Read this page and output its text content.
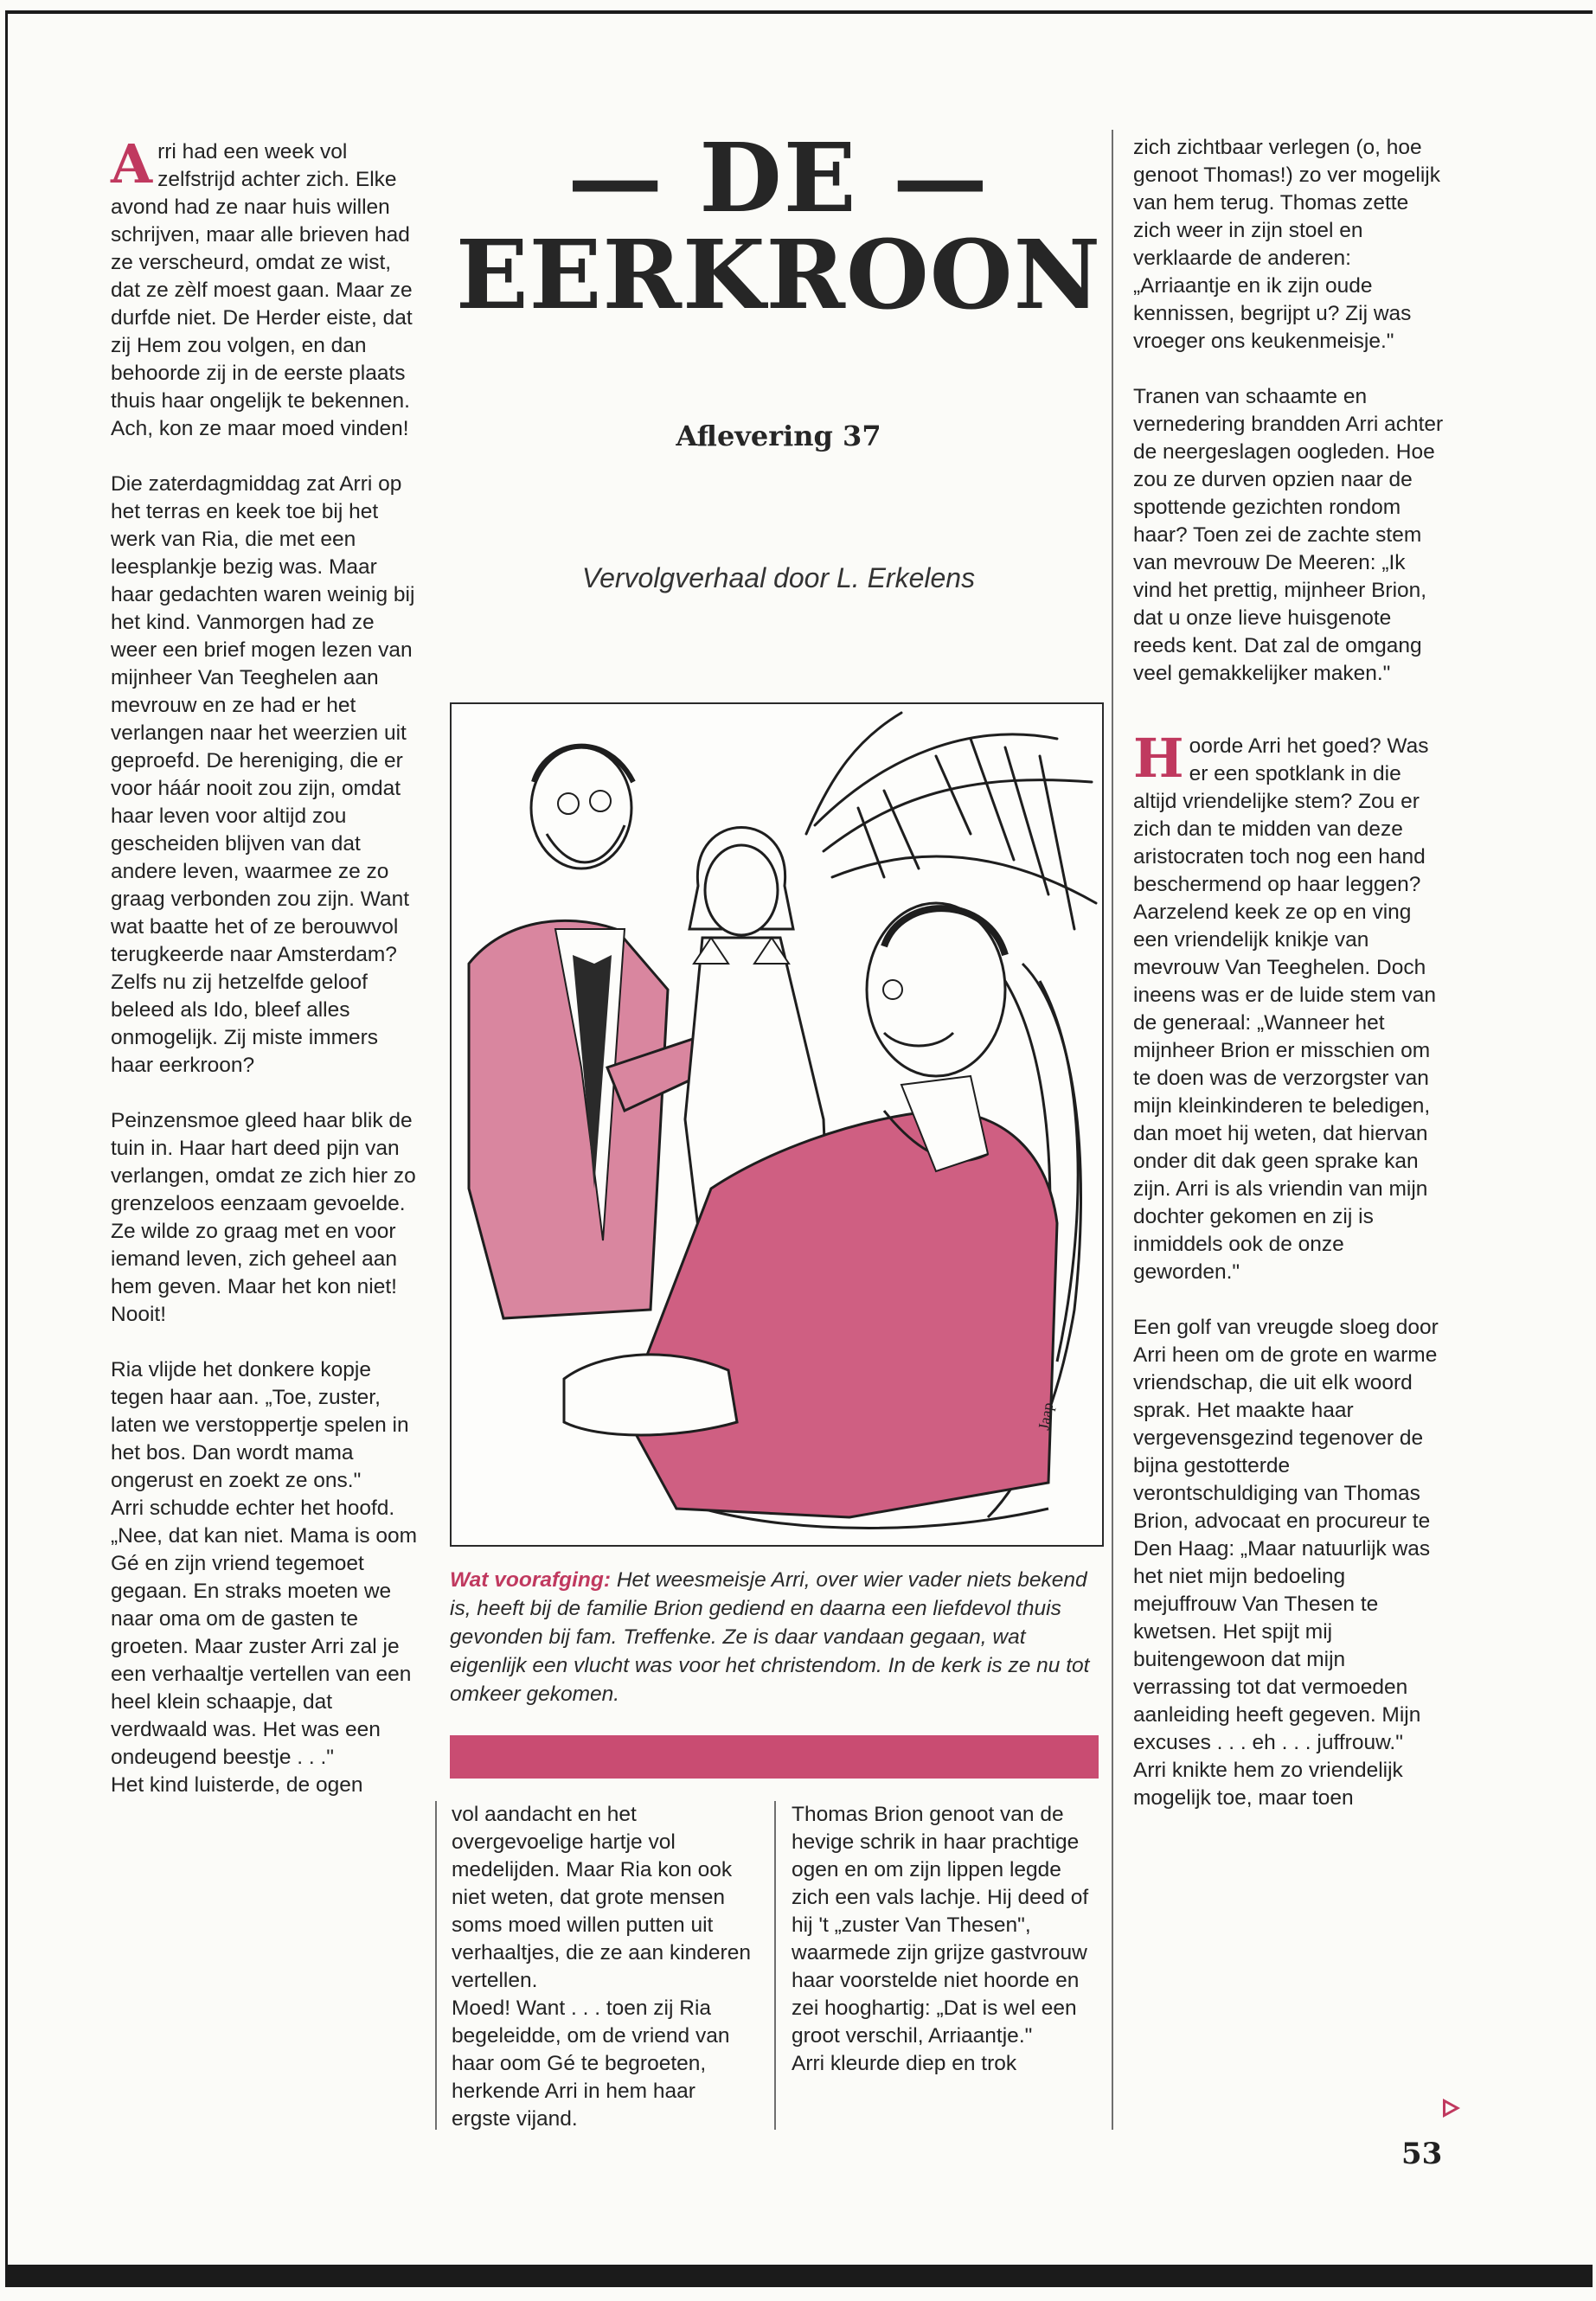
Arri had een week vol zelfstrijd achter zich. Elke avond had ze naar huis willen schrijven, maar alle brieven had ze verscheurd, omdat ze wist, dat ze zèlf moest gaan. Maar ze durfde niet. De Herder eiste, dat zij Hem zou volgen, en dan behoorde zij in de eerste plaats thuis haar ongelijk te bekennen. Ach, kon ze maar moed vinden!

Die zaterdagmiddag zat Arri op het terras en keek toe bij het werk van Ria, die met een leesplankje bezig was. Maar haar gedachten waren weinig bij het kind. Vanmorgen had ze weer een brief mogen lezen van mijnheer Van Teeghelen aan mevrouw en ze had er het verlangen naar het weerzien uit geproefd. De hereniging, die er voor háár nooit zou zijn, omdat haar leven voor altijd zou gescheiden blijven van dat andere leven, waarmee ze zo graag verbonden zou zijn. Want wat baatte het of ze berouwvol terugkeerde naar Amsterdam? Zelfs nu zij hetzelfde geloof beleed als Ido, bleef alles onmogelijk. Zij miste immers haar eerkroon?

Peinzensmoe gleed haar blik de tuin in. Haar hart deed pijn van verlangen, omdat ze zich hier zo grenzeloos eenzaam gevoelde. Ze wilde zo graag met en voor iemand leven, zich geheel aan hem geven. Maar het kon niet! Nooit!

Ria vlijde het donkere kopje tegen haar aan. „Toe, zuster, laten we verstoppertje spelen in het bos. Dan wordt mama ongerust en zoekt ze ons."

Arri schudde echter het hoofd. „Nee, dat kan niet. Mama is oom Gé en zijn vriend tegemoet gegaan. En straks moeten we naar oma om de gasten te groeten. Maar zuster Arri zal je een verhaaltje vertellen van een heel klein schaapje, dat verdwaald was. Het was een ondeugend beestje . . ."

Het kind luisterde, de ogen

— DE —
EERKROON
Aflevering 37
Vervolgverhaal door L. Erkelens
Jaap
Wat voorafging: Het weesmeisje Arri, over wier vader niets bekend is, heeft bij de familie Brion gediend en daarna een liefdevol thuis gevonden bij fam. Treffenke. Ze is daar vandaan gegaan, wat eigenlijk een vlucht was voor het christendom. In de kerk is ze nu tot omkeer gekomen.

vol aandacht en het overgevoelige hartje vol medelijden. Maar Ria kon ook niet weten, dat grote mensen soms moed willen putten uit verhaaltjes, die ze aan kinderen vertellen.

Moed! Want . . . toen zij Ria begeleidde, om de vriend van haar oom Gé te begroeten, herkende Arri in hem haar ergste vijand.

Thomas Brion genoot van de hevige schrik in haar prachtige ogen en om zijn lippen legde zich een vals lachje. Hij deed of hij 't „zuster Van Thesen", waarmede zijn grijze gastvrouw haar voorstelde niet hoorde en zei hooghartig: „Dat is wel een groot verschil, Arriaantje."

Arri kleurde diep en trok

zich zichtbaar verlegen (o, hoe genoot Thomas!) zo ver mogelijk van hem terug. Thomas zette zich weer in zijn stoel en verklaarde de anderen: „Arriaantje en ik zijn oude kennissen, begrijpt u? Zij was vroeger ons keukenmeisje."

Tranen van schaamte en vernedering brandden Arri achter de neergeslagen oogleden. Hoe zou ze durven opzien naar de spottende gezichten rondom haar? Toen zei de zachte stem van mevrouw De Meeren: „Ik vind het prettig, mijnheer Brion, dat u onze lieve huisgenote reeds kent. Dat zal de omgang veel gemakkelijker maken."

Hoorde Arri het goed? Was er een spotklank in die altijd vriendelijke stem? Zou er zich dan te midden van deze aristocraten toch nog een hand beschermend op haar leggen? Aarzelend keek ze op en ving een vriendelijk knikje van mevrouw Van Teeghelen. Doch ineens was er de luide stem van de generaal: „Wanneer het mijnheer Brion er misschien om te doen was de verzorgster van mijn kleinkinderen te beledigen, dan moet hij weten, dat hiervan onder dit dak geen sprake kan zijn. Arri is als vriendin van mijn dochter gekomen en zij is inmiddels ook de onze geworden."

Een golf van vreugde sloeg door Arri heen om de grote en warme vriendschap, die uit elk woord sprak. Het maakte haar vergevensgezind tegenover de bijna gestotterde verontschuldiging van Thomas Brion, advocaat en procureur te Den Haag: „Maar natuurlijk was het niet mijn bedoeling mejuffrouw Van Thesen te kwetsen. Het spijt mij buitengewoon dat mijn verrassing tot dat vermoeden aanleiding heeft gegeven. Mijn excuses . . . eh . . . juffrouw."

Arri knikte hem zo vriendelijk mogelijk toe, maar toen

53
